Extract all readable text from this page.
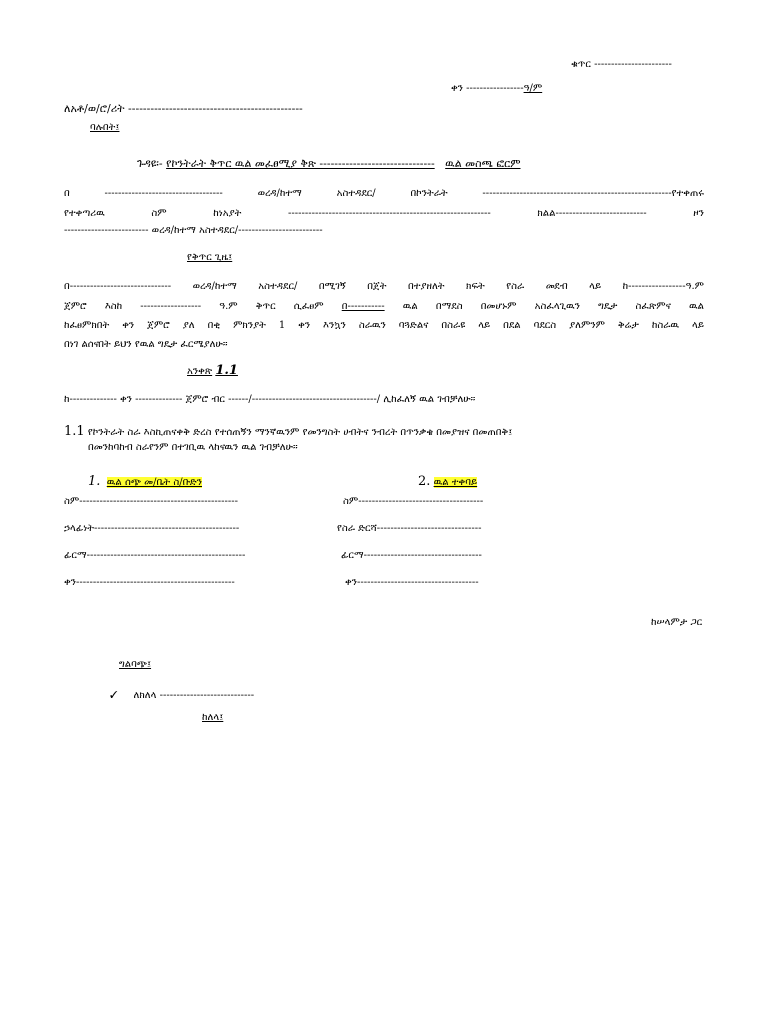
ቁጥር -----------------------
ቀን -----------------ዓ/ም
ለአቶ/ወ/ሮ/ሪት -----------------------------------------------
ባሉበት፤
ጉዳዩ፡- የኮንትራት ቅጥር ዉል መፈፀሚያ ቅጽ ------------------------------- ዉል መስጫ ፎርም
በ ----------------------------------- ወረዳ/ከተማ አስተዳደር/ በኮንትራት --------------------------------------------------------የተቀጠሩ
የተቀጣሪዉ ስም ከነአያት ------------------------------------------------------------ ክልል--------------------------- ዞን
------------------------- ወረዳ/ከተማ አስተዳደር/-------------------------
የቅጥር ጊዜ፤
በ------------------------------ ወረዳ/ከተማ አስተዳደር/ በሚገኝ በጀት በተያዘለት ክፍት የስራ መደብ ላይ ከ-----------------ዓ.ም
ጀምሮ እስከ ------------------ ዓ.ም ቅጥር ሲፈፀም በ----------- ዉል በማደስ በመሆኑም አስፈላጊዉን ግዴታ ስፈጽምና ዉል
ከፈፀምክበት ቀን ጀምሮ ያለ በቂ ምክንያት 1 ቀን እንኳን ስራዉን ባጓድልና በስራዩ ላይ በደል ባደርስ ያለምንም ቅሬታ ከስራዉ ላይ
በነገ ልሰናበት ይህን የዉል ግዴታ ፈርሜያለሁ።
አንቀጽ 1.1
ከ-------------- ቀን -------------- ጀምሮ ብር ------/-------------------------------------/ ሊከፈለኝ ዉል ገብቻለሁ።
1.1 የኮንትራት ስራ እስኪጠናቀቅ ድረስ የተሰጠኝን ማንኛዉንም የመንግስት ሀብትና ንብረት በጥንቃቄ በመያዝና በመጠበቅ፤
በመንከባከብ ስራየንም በተገቢዉ ላከናዉን ዉል ገብቻለሁ።
1. ዉል ሰጭ መ/ቤት ስ/ቡድን
ስም-----------------------------------------------
ኃላፊነት-------------------------------------------
ፊርማ-----------------------------------------------
ቀን-----------------------------------------------
2. ዉል ተቀባይ
ስም-------------------------------------
የስራ ድርሻ-------------------------------
ፊርማ-----------------------------------
ቀን------------------------------------
ከሠላምታ ጋር
ግልባጭ፤
✓ ለክለላ ----------------------------
ከለላ፤
